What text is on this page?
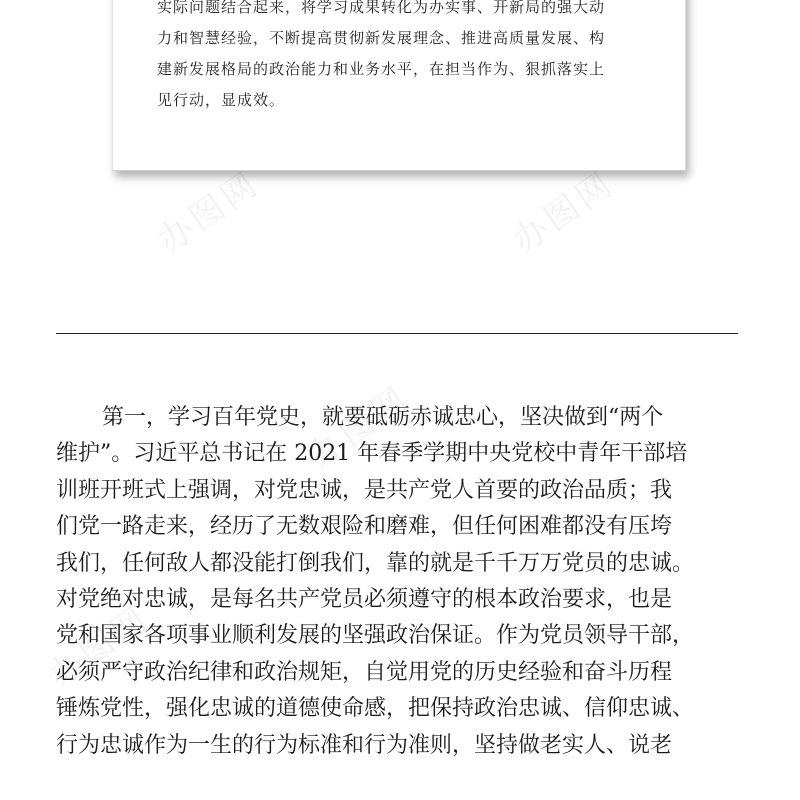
办图网	办图网
办图网
办图网

实际问题结合起来，将学习成果转化为办实事、开新局的强大动
力和智慧经验，不断提高贯彻新发展理念、推进高质量发展、构
建新发展格局的政治能力和业务水平，在担当作为、狠抓落实上
见行动，显成效。

第一，学习百年党史，就要砥砺赤诚忠心，坚决做到“两个
维护”。习近平总书记在 2021 年春季学期中央党校中青年干部培
训班开班式上强调，对党忠诚，是共产党人首要的政治品质；我
们党一路走来，经历了无数艰险和磨难，但任何困难都没有压垮
我们，任何敌人都没能打倒我们，靠的就是千千万万党员的忠诚。
对党绝对忠诚，是每名共产党员必须遵守的根本政治要求，也是
党和国家各项事业顺利发展的坚强政治保证。作为党员领导干部，
必须严守政治纪律和政治规矩，自觉用党的历史经验和奋斗历程
锤炼党性，强化忠诚的道德使命感，把保持政治忠诚、信仰忠诚、
行为忠诚作为一生的行为标准和行为准则，坚持做老实人、说老
